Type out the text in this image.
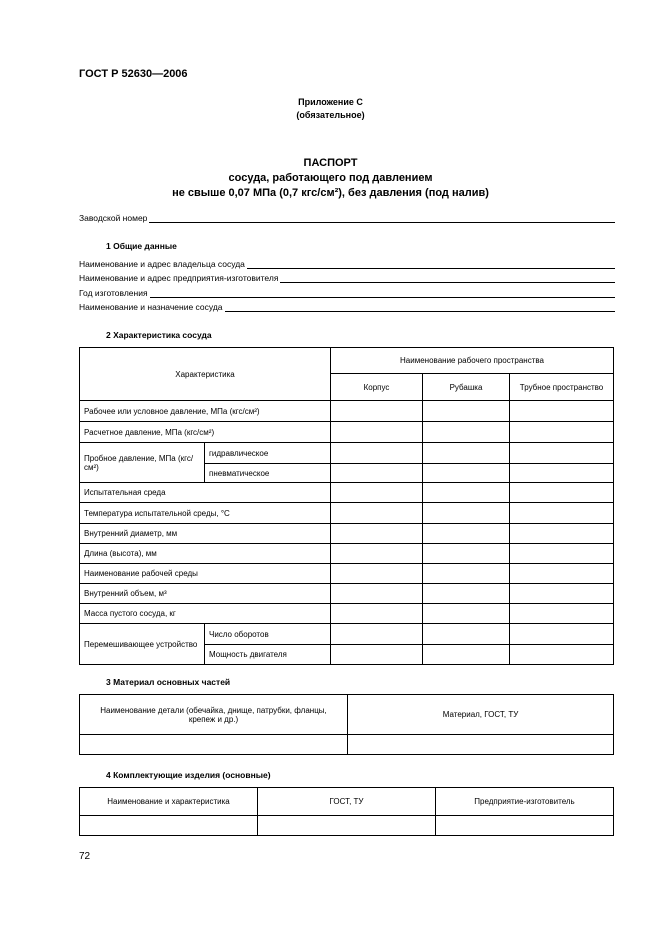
ГОСТ Р 52630—2006
Приложение С
(обязательное)
ПАСПОРТ
сосуда, работающего под давлением
не свыше 0,07 МПа (0,7 кгс/см²), без давления (под налив)
Заводской номер
1 Общие данные
Наименование и адрес владельца сосуда
Наименование и адрес предприятия-изготовителя
Год изготовления
Наименование и назначение сосуда
2 Характеристика сосуда
Характеристика		Наименование рабочего пространства		
		Корпус	Рубашка	Трубное пространство
Рабочее или условное давление, МПа (кгс/см²)				
Расчетное давление, МПа (кгс/см²)				
Пробное давление, МПа (кгс/см²)	гидравлическое			
	пневматическое			
Испытательная среда				
Температура испытательной среды, °С				
Внутренний диаметр, мм				
Длина (высота), мм				
Наименование рабочей среды				
Внутренний объем, м³				
Масса пустого сосуда, кг				
Перемешивающее устройство	Число оборотов			
	Мощность двигателя			
3 Материал основных частей
Наименование детали (обечайка, днище, патрубки, фланцы, крепеж и др.)	Материал, ГОСТ, ТУ

4 Комплектующие изделия (основные)
Наименование и характеристика	ГОСТ, ТУ	Предприятие-изготовитель

72
